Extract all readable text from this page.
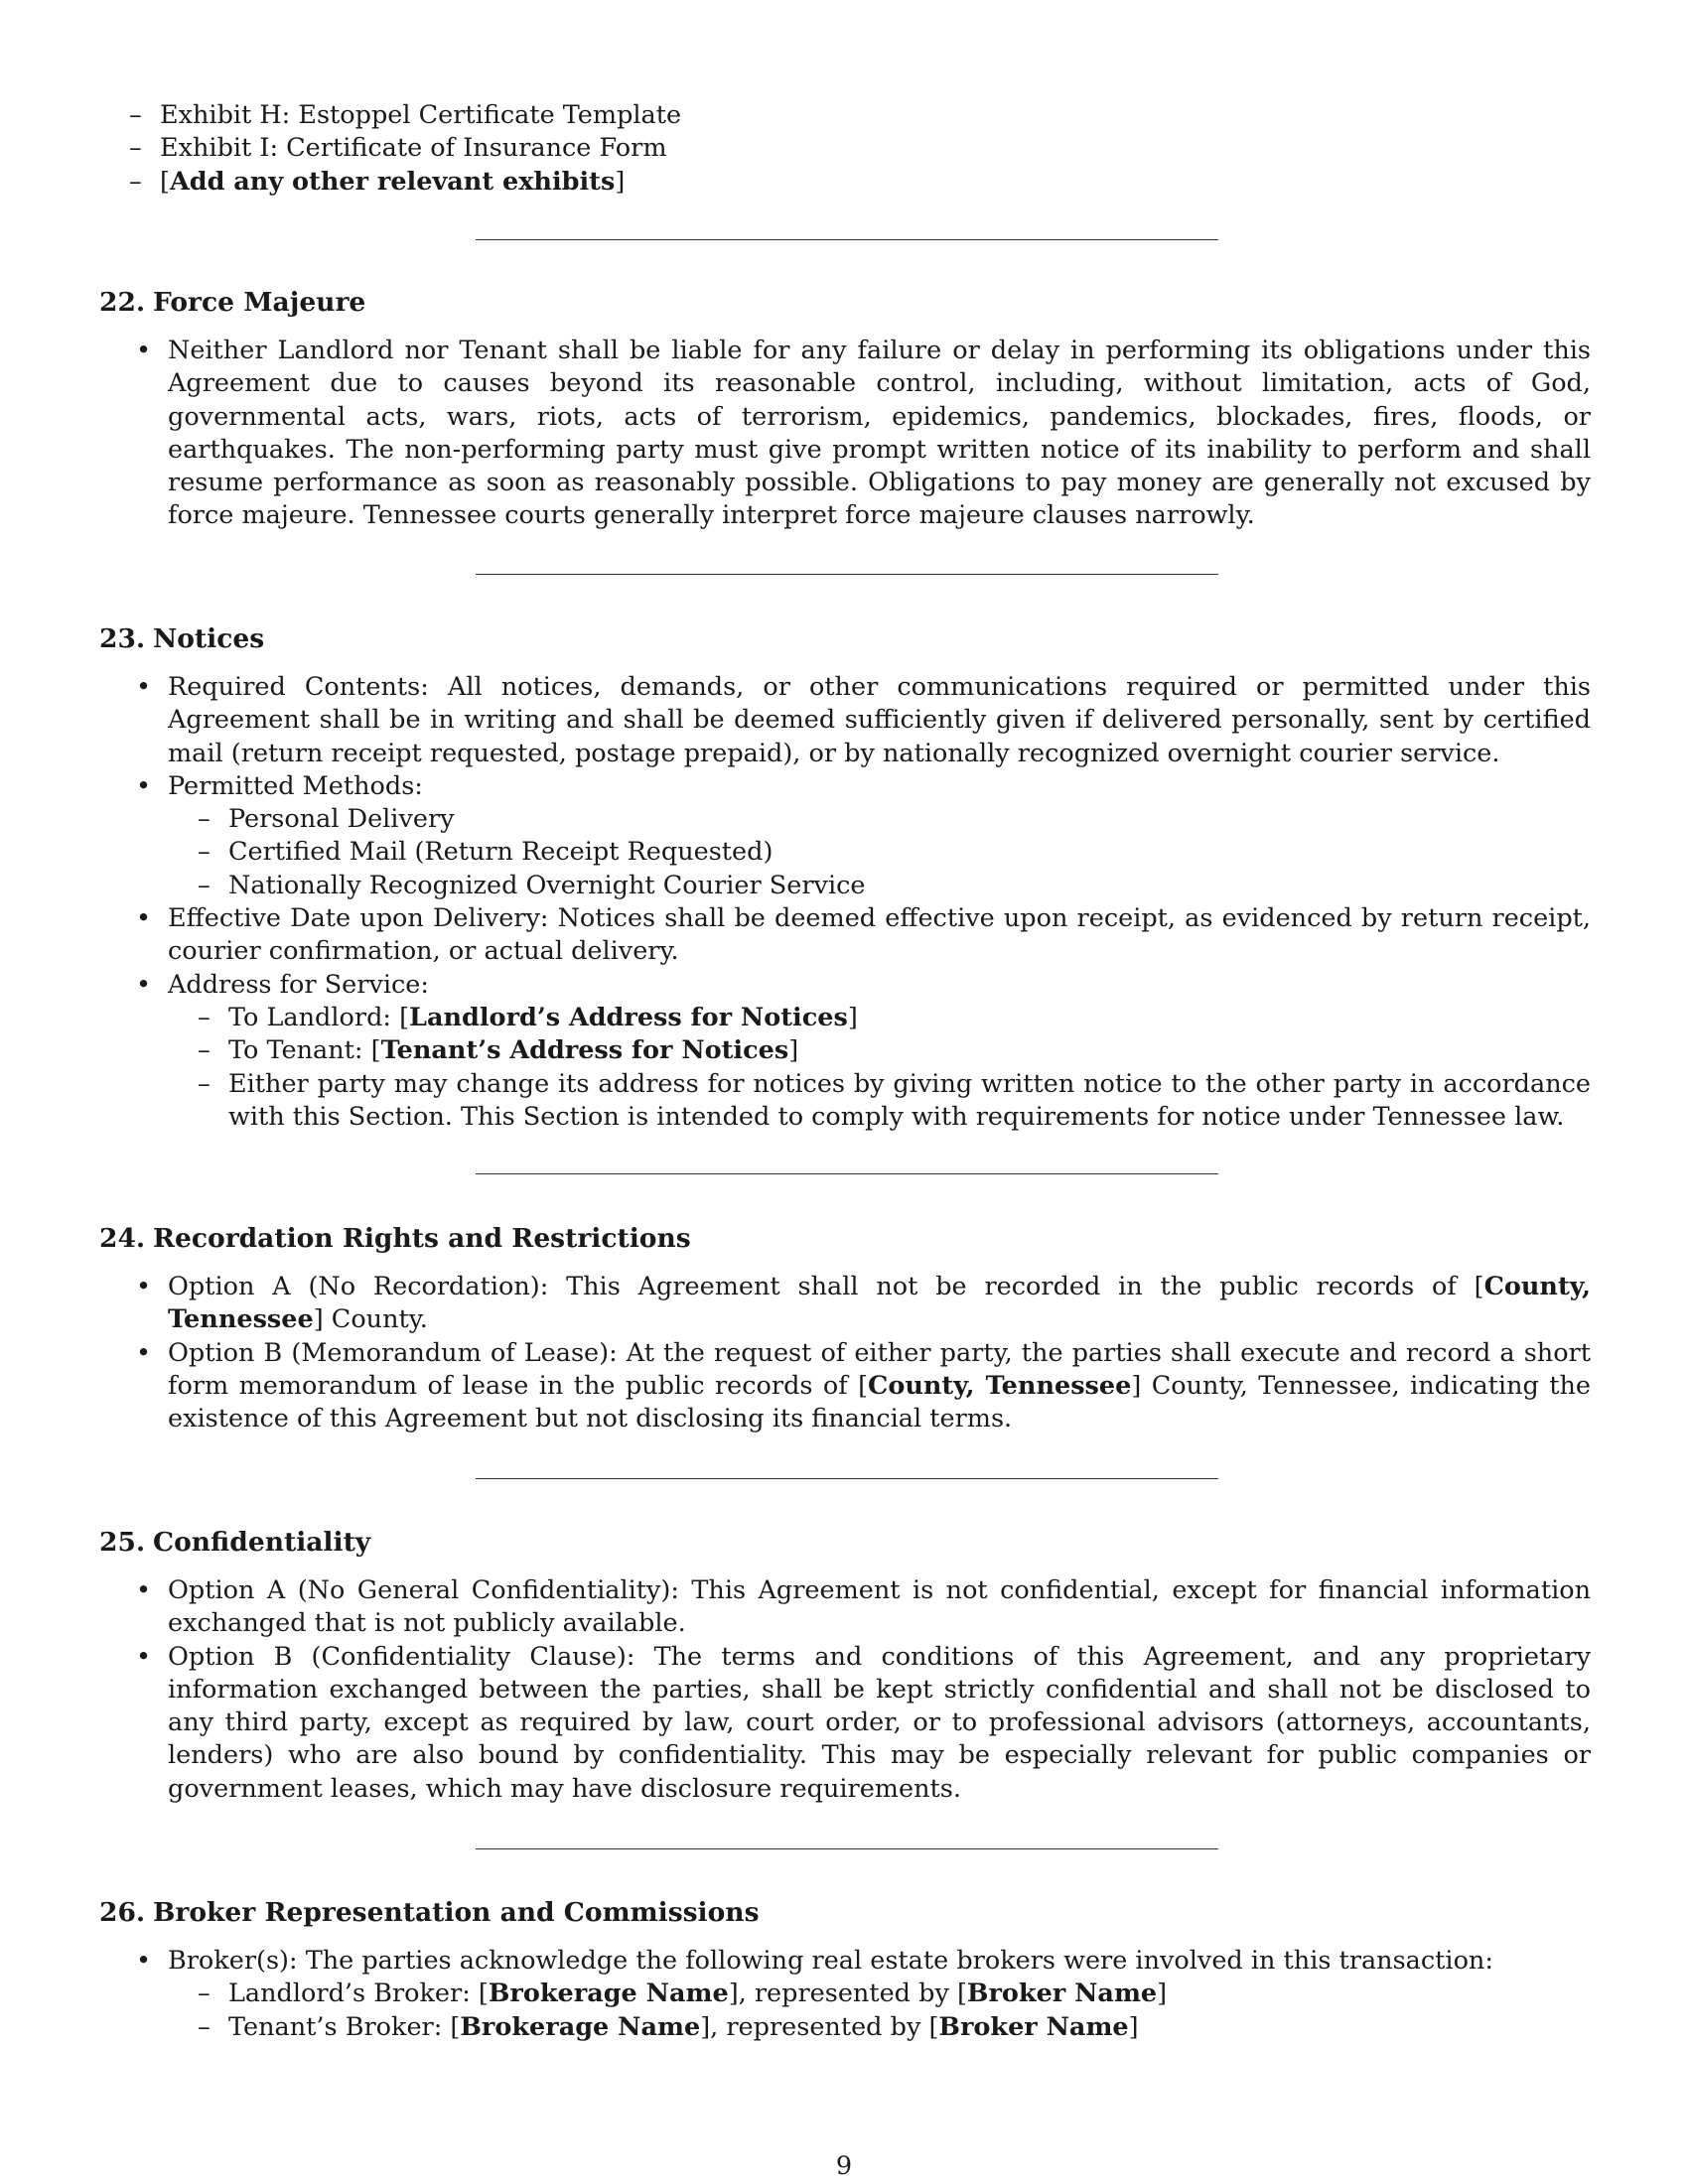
– Exhibit H: Estoppel Certificate Template
– Exhibit I: Certificate of Insurance Form
– [Add any other relevant exhibits]
22. Force Majeure
• Neither Landlord nor Tenant shall be liable for any failure or delay in performing its obligations under this Agreement due to causes beyond its reasonable control, including, without limitation, acts of God, governmental acts, wars, riots, acts of terrorism, epidemics, pandemics, blockades, fires, floods, or earthquakes. The non-performing party must give prompt written notice of its inability to perform and shall resume performance as soon as reasonably possible. Obligations to pay money are generally not excused by force majeure. Tennessee courts generally interpret force majeure clauses narrowly.
23. Notices
• Required Contents: All notices, demands, or other communications required or permitted under this Agreement shall be in writing and shall be deemed sufficiently given if delivered personally, sent by certified mail (return receipt requested, postage prepaid), or by nationally recognized overnight courier service.
• Permitted Methods:
– Personal Delivery
– Certified Mail (Return Receipt Requested)
– Nationally Recognized Overnight Courier Service
• Effective Date upon Delivery: Notices shall be deemed effective upon receipt, as evidenced by return receipt, courier confirmation, or actual delivery.
• Address for Service:
– To Landlord: [Landlord’s Address for Notices]
– To Tenant: [Tenant’s Address for Notices]
– Either party may change its address for notices by giving written notice to the other party in accordance with this Section. This Section is intended to comply with requirements for notice under Tennessee law.
24. Recordation Rights and Restrictions
• Option A (No Recordation): This Agreement shall not be recorded in the public records of [County, Tennessee] County.
• Option B (Memorandum of Lease): At the request of either party, the parties shall execute and record a short form memorandum of lease in the public records of [County, Tennessee] County, Tennessee, indicating the existence of this Agreement but not disclosing its financial terms.
25. Confidentiality
• Option A (No General Confidentiality): This Agreement is not confidential, except for financial information exchanged that is not publicly available.
• Option B (Confidentiality Clause): The terms and conditions of this Agreement, and any proprietary information exchanged between the parties, shall be kept strictly confidential and shall not be disclosed to any third party, except as required by law, court order, or to professional advisors (attorneys, accountants, lenders) who are also bound by confidentiality. This may be especially relevant for public companies or government leases, which may have disclosure requirements.
26. Broker Representation and Commissions
• Broker(s): The parties acknowledge the following real estate brokers were involved in this transaction:
– Landlord’s Broker: [Brokerage Name], represented by [Broker Name]
– Tenant’s Broker: [Brokerage Name], represented by [Broker Name]
9
